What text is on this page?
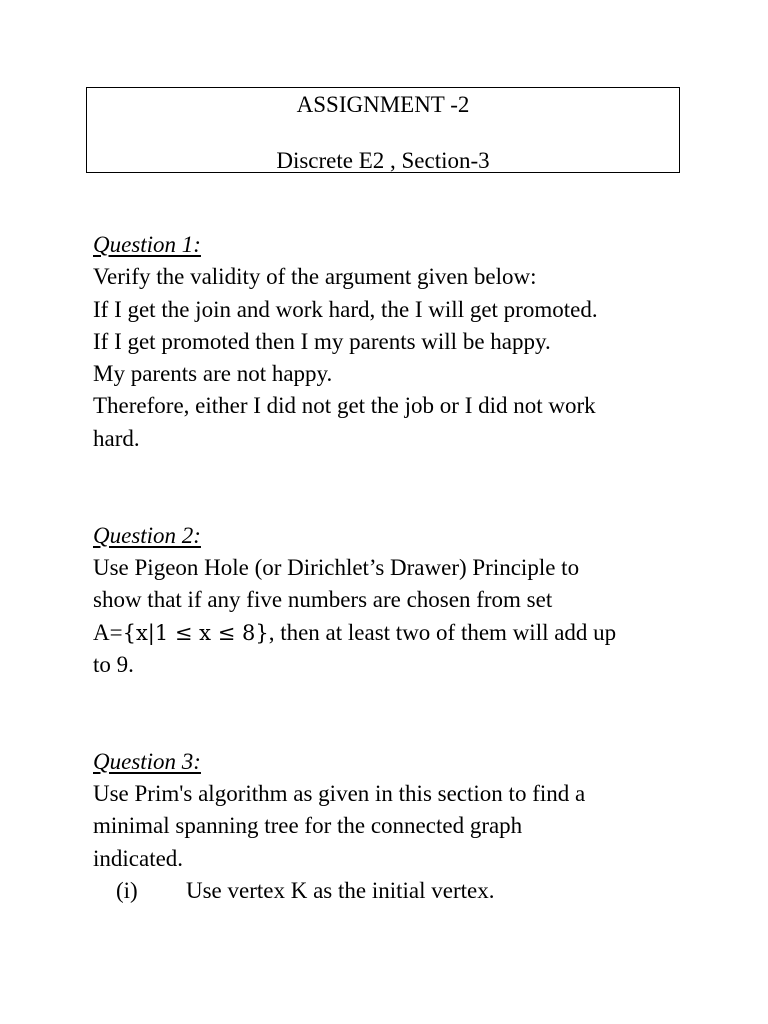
ASSIGNMENT -2
Discrete E2 , Section-3
Question 1:
Verify the validity of the argument given below:
If I get the join and work hard, the I will get promoted.
If I get promoted then I my parents will be happy.
My parents are not happy.
Therefore, either I did not get the job or I did not work
hard.
Question 2:
Use Pigeon Hole (or Dirichlet’s Drawer) Principle to
show that if any five numbers are chosen from set
A={x|1 ≤ x ≤ 8}, then at least two of them will add up
to 9.
Question 3:
Use Prim's algorithm as given in this section to find a
minimal spanning tree for the connected graph
indicated.
(i) Use vertex K as the initial vertex.
